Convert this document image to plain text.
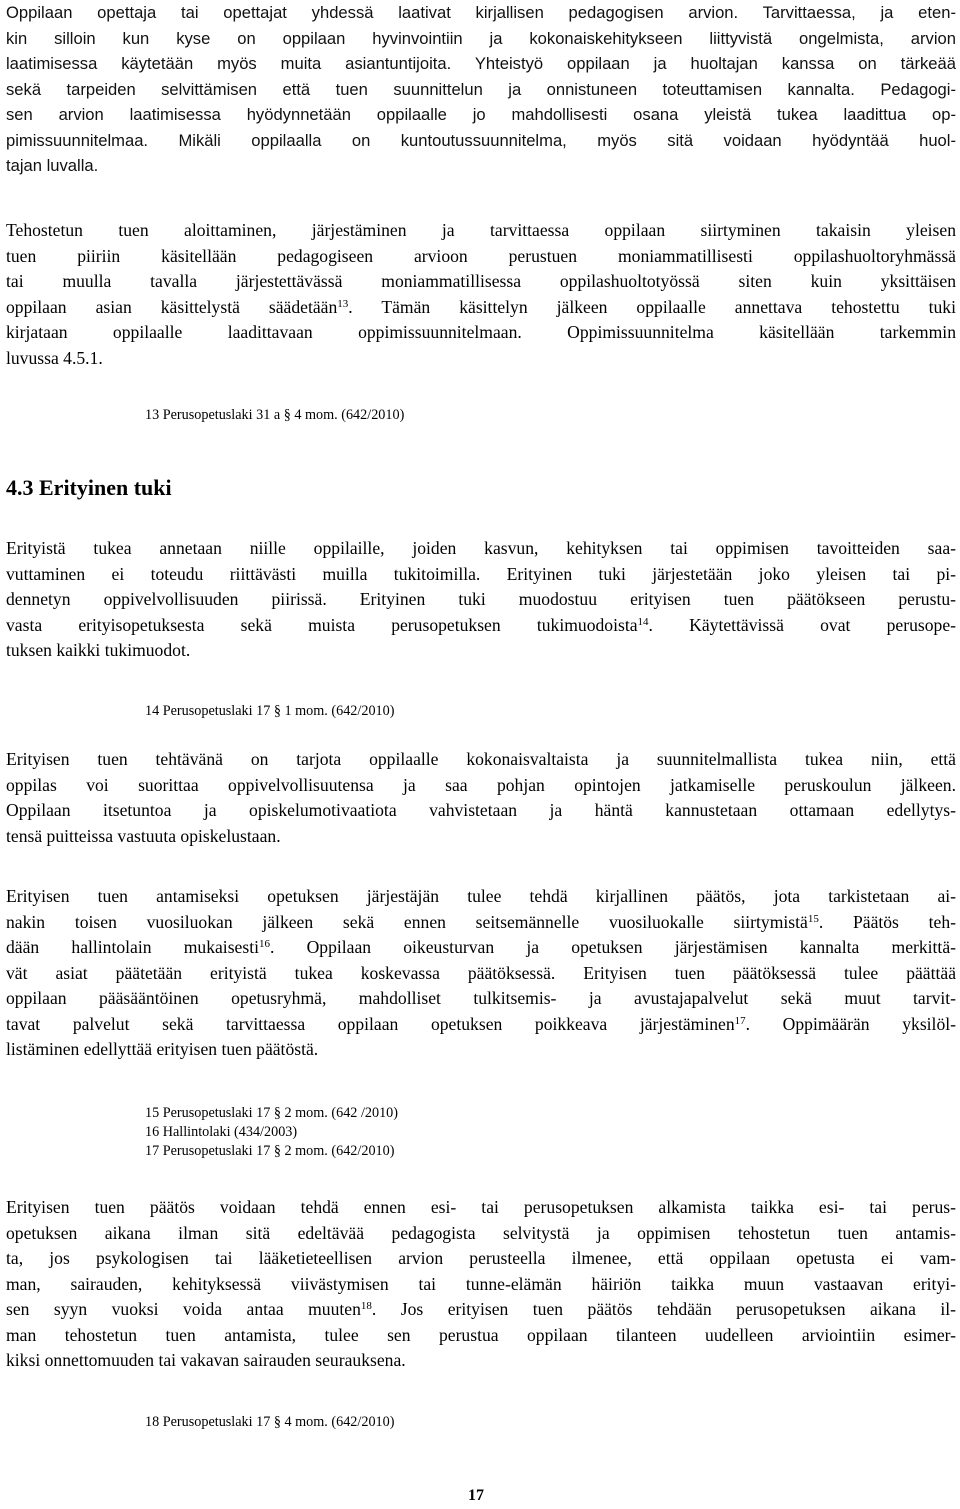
Oppilaan opettaja tai opettajat yhdessä laativat kirjallisen pedagogisen arvion. Tarvittaessa, ja eten-
kin silloin kun kyse on oppilaan hyvinvointiin ja kokonaiskehitykseen liittyvistä ongelmista, arvion
laatimisessa käytetään myös muita asiantuntijoita. Yhteistyö oppilaan ja huoltajan kanssa on tärkeää
sekä tarpeiden selvittämisen että tuen suunnittelun ja onnistuneen toteuttamisen kannalta. Pedagogi-
sen arvion laatimisessa hyödynnetään oppilaalle jo mahdollisesti osana yleistä tukea laadittua op-
pimissuunnitelmaa. Mikäli oppilaalla on kuntoutussuunnitelma, myös sitä voidaan hyödyntää huol-
tajan luvalla.
Tehostetun tuen aloittaminen, järjestäminen ja tarvittaessa oppilaan siirtyminen takaisin yleisen
tuen piiriin käsitellään pedagogiseen arvioon perustuen moniammatillisesti oppilashuoltoryhmässä
tai muulla tavalla järjestettävässä moniammatillisessa oppilashuoltotyössä siten kuin yksittäisen
oppilaan asian käsittelystä säädetään$^{13}$. Tämän käsittelyn jälkeen oppilaalle annettava tehostettu tuki
kirjataan oppilaalle laadittavaan oppimissuunnitelmaan. Oppimissuunnitelma käsitellään tarkemmin
luvussa 4.5.1.
13 Perusopetuslaki 31 a § 4 mom. (642/2010)
4.3 Erityinen tuki
Erityistä tukea annetaan niille oppilaille, joiden kasvun, kehityksen tai oppimisen tavoitteiden saa-
vuttaminen ei toteudu riittävästi muilla tukitoimilla. Erityinen tuki järjestetään joko yleisen tai pi-
dennetyn oppivelvollisuuden piirissä. Erityinen tuki muodostuu erityisen tuen päätökseen perustu-
vasta erityisopetuksesta sekä muista perusopetuksen tukimuodoista$^{14}$. Käytettävissä ovat perusope-
tuksen kaikki tukimuodot.
14 Perusopetuslaki 17 § 1 mom. (642/2010)
Erityisen tuen tehtävänä on tarjota oppilaalle kokonaisvaltaista ja suunnitelmallista tukea niin, että
oppilas voi suorittaa oppivelvollisuutensa ja saa pohjan opintojen jatkamiselle peruskoulun jälkeen.
Oppilaan itsetuntoa ja opiskelumotivaatiota vahvistetaan ja häntä kannustetaan ottamaan edellytys-
tensä puitteissa vastuuta opiskelustaan.
Erityisen tuen antamiseksi opetuksen järjestäjän tulee tehdä kirjallinen päätös, jota tarkistetaan ai-
nakin toisen vuosiluokan jälkeen sekä ennen seitsemännelle vuosiluokalle siirtymistä$^{15}$. Päätös teh-
dään hallintolain mukaisesti$^{16}$. Oppilaan oikeusturvan ja opetuksen järjestämisen kannalta merkittä-
vät asiat päätetään erityistä tukea koskevassa päätöksessä. Erityisen tuen päätöksessä tulee päättää
oppilaan pääsääntöinen opetusryhmä, mahdolliset tulkitsemis- ja avustajapalvelut sekä muut tarvit-
tavat palvelut sekä tarvittaessa oppilaan opetuksen poikkeava järjestäminen$^{17}$. Oppimäärän yksilöl-
listäminen edellyttää erityisen tuen päätöstä.
15 Perusopetuslaki 17 § 2 mom. (642 /2010)
16 Hallintolaki (434/2003)
17 Perusopetuslaki 17 § 2 mom. (642/2010)
Erityisen tuen päätös voidaan tehdä ennen esi- tai perusopetuksen alkamista taikka esi- tai perus-
opetuksen aikana ilman sitä edeltävää pedagogista selvitystä ja oppimisen tehostetun tuen antamis-
ta, jos psykologisen tai lääketieteellisen arvion perusteella ilmenee, että oppilaan opetusta ei vam-
man, sairauden, kehityksessä viivästymisen tai tunne-elämän häiriön taikka muun vastaavan erityi-
sen syyn vuoksi voida antaa muuten$^{18}$. Jos erityisen tuen päätös tehdään perusopetuksen aikana il-
man tehostetun tuen antamista, tulee sen perustua oppilaan tilanteen uudelleen arviointiin esimer-
kiksi onnettomuuden tai vakavan sairauden seurauksena.
18 Perusopetuslaki 17 § 4 mom. (642/2010)
17
